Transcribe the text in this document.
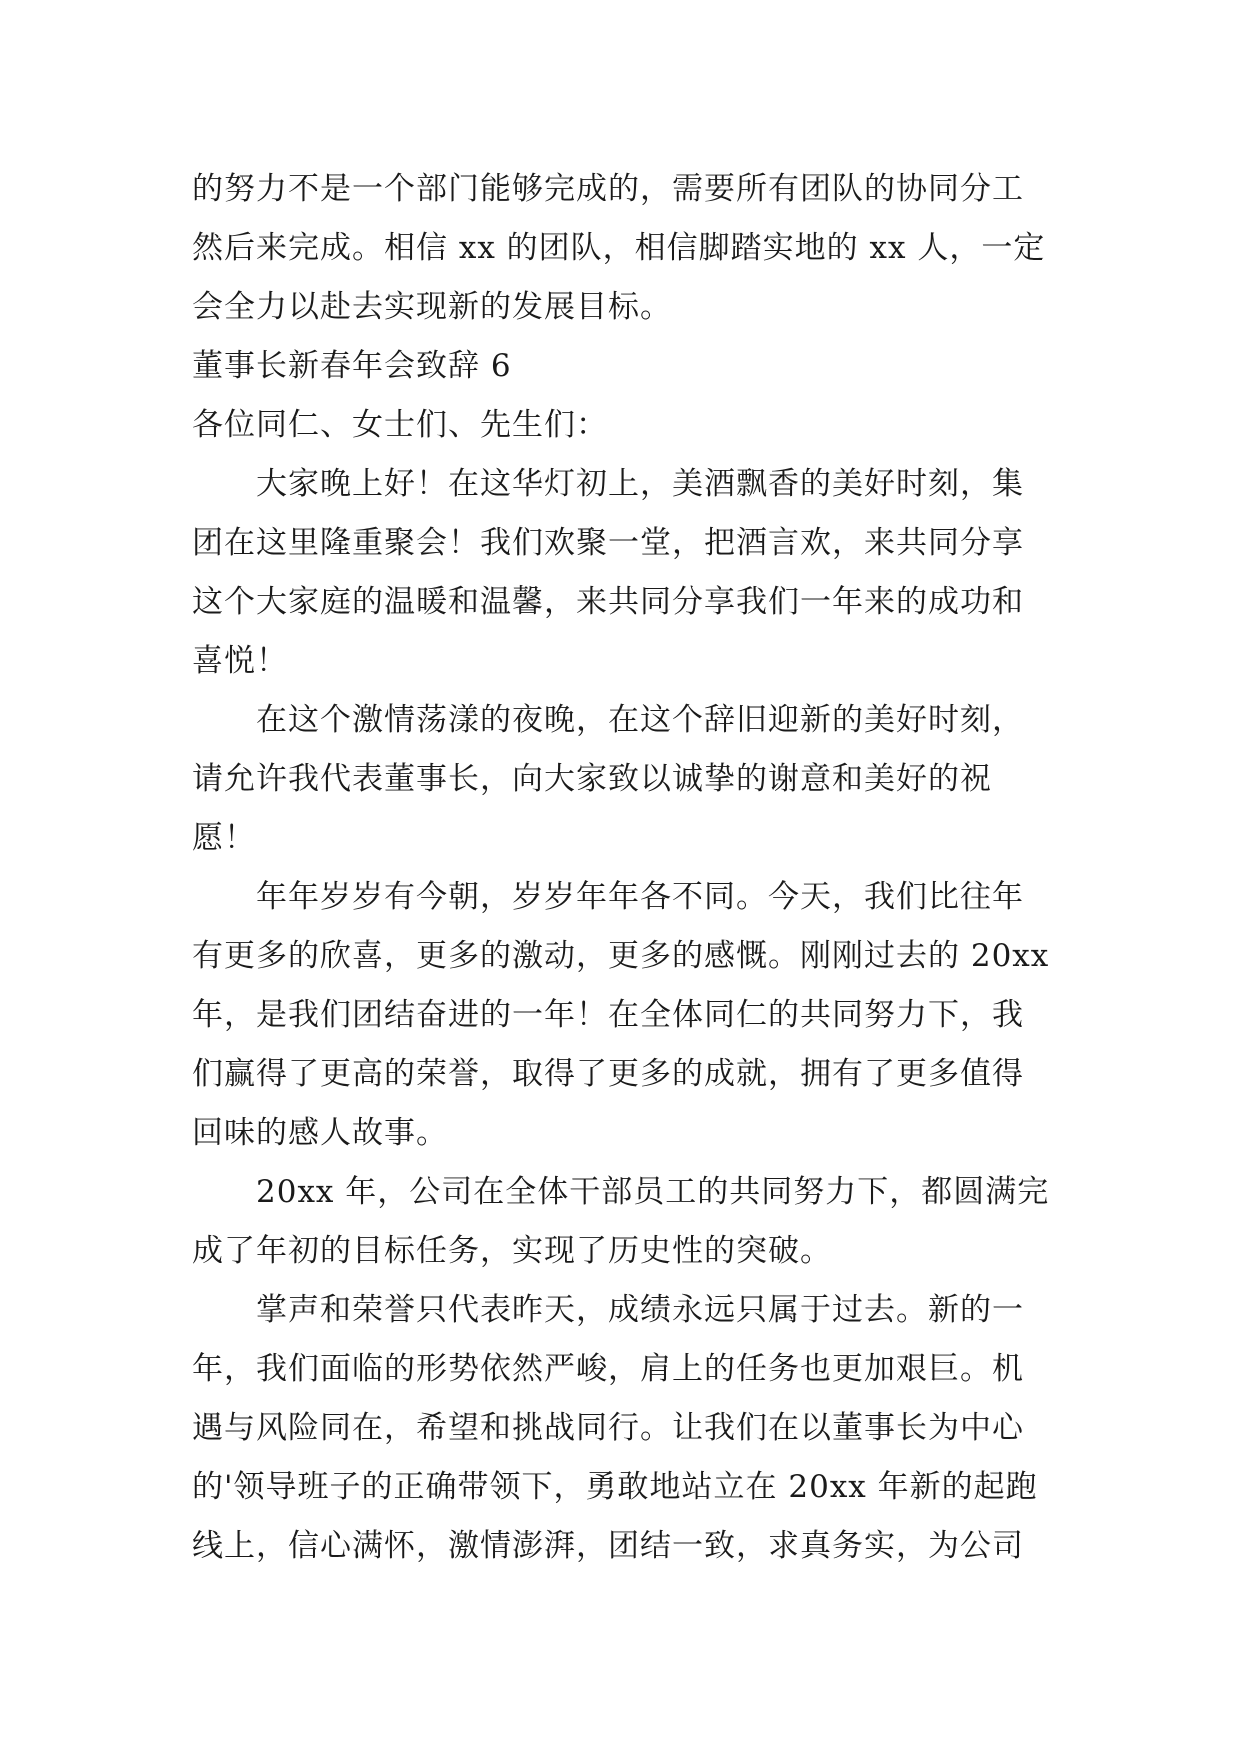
的努力不是一个部门能够完成的，需要所有团队的协同分工
然后来完成。相信 xx 的团队，相信脚踏实地的 xx 人，一定
会全力以赴去实现新的发展目标。
董事长新春年会致辞 6
各位同仁、女士们、先生们：
大家晚上好！在这华灯初上，美酒飘香的美好时刻，集
团在这里隆重聚会！我们欢聚一堂，把酒言欢，来共同分享
这个大家庭的温暖和温馨，来共同分享我们一年来的成功和
喜悦！
在这个激情荡漾的夜晚，在这个辞旧迎新的美好时刻，
请允许我代表董事长，向大家致以诚挚的谢意和美好的祝
愿！
年年岁岁有今朝，岁岁年年各不同。今天，我们比往年
有更多的欣喜，更多的激动，更多的感慨。刚刚过去的 20xx
年，是我们团结奋进的一年！在全体同仁的共同努力下，我
们赢得了更高的荣誉，取得了更多的成就，拥有了更多值得
回味的感人故事。
20xx 年，公司在全体干部员工的共同努力下，都圆满完
成了年初的目标任务，实现了历史性的突破。
掌声和荣誉只代表昨天，成绩永远只属于过去。新的一
年，我们面临的形势依然严峻，肩上的任务也更加艰巨。机
遇与风险同在，希望和挑战同行。让我们在以董事长为中心
的'领导班子的正确带领下，勇敢地站立在 20xx 年新的起跑
线上，信心满怀，激情澎湃，团结一致，求真务实，为公司
